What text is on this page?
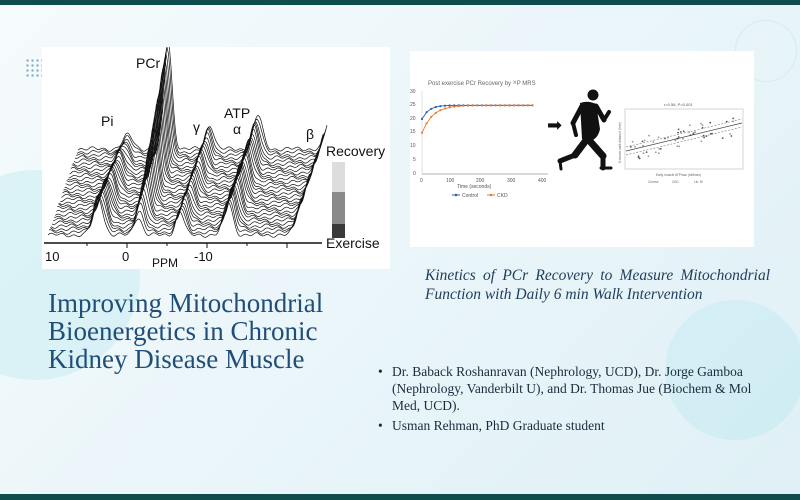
10	0	-10
PPM
Pi
PCr
γ
ATP
α	β
Recovery
Exercise
Post exercise PCr Recovery by ³¹P MRS
30
25
20
15
10
5
0
0	100	200	300	400
Time (seconds)
Control	CKD
➡
r=0.56, P=0.001
6 minute walk distance (feet)
Early muscle ATPmax (mM/sec)
Control	CKD	Lin. fit
Improving Mitochondrial Bioenergetics in Chronic Kidney Disease Muscle

Kinetics of PCr Recovery to Measure Mitochondrial Function with Daily 6 min Walk Intervention

• Dr. Baback Roshanravan (Nephrology, UCD), Dr. Jorge Gamboa (Nephrology, Vanderbilt U), and Dr. Thomas Jue (Biochem & Mol Med, UCD).
• Usman Rehman, PhD Graduate student
